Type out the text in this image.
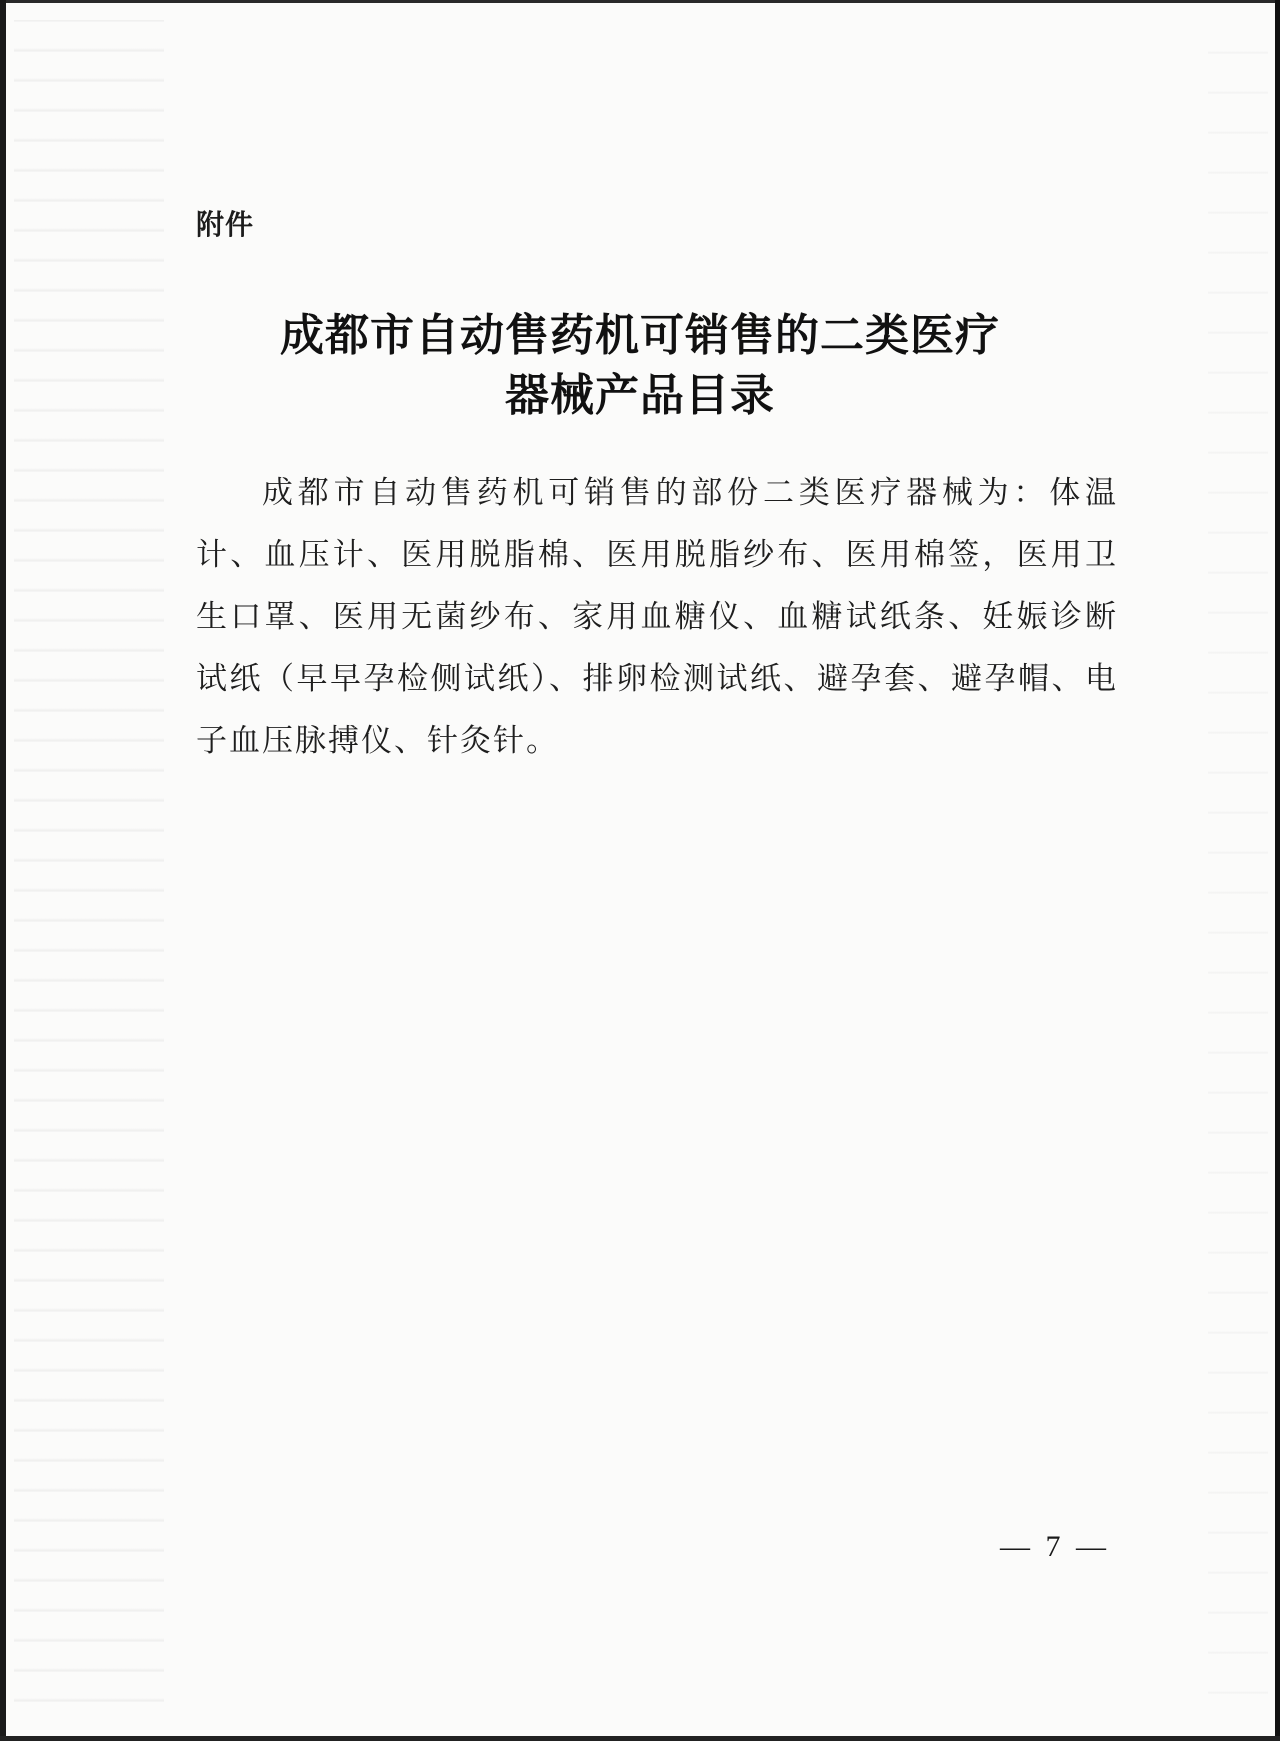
附件
成都市自动售药机可销售的二类医疗
器械产品目录
成都市自动售药机可销售的部份二类医疗器械为：体温计、血压计、医用脱脂棉、医用脱脂纱布、医用棉签，医用卫生口罩、医用无菌纱布、家用血糖仪、血糖试纸条、妊娠诊断试纸（早早孕检侧试纸）、排卵检测试纸、避孕套、避孕帽、电子血压脉搏仪、针灸针。
— 7 —
